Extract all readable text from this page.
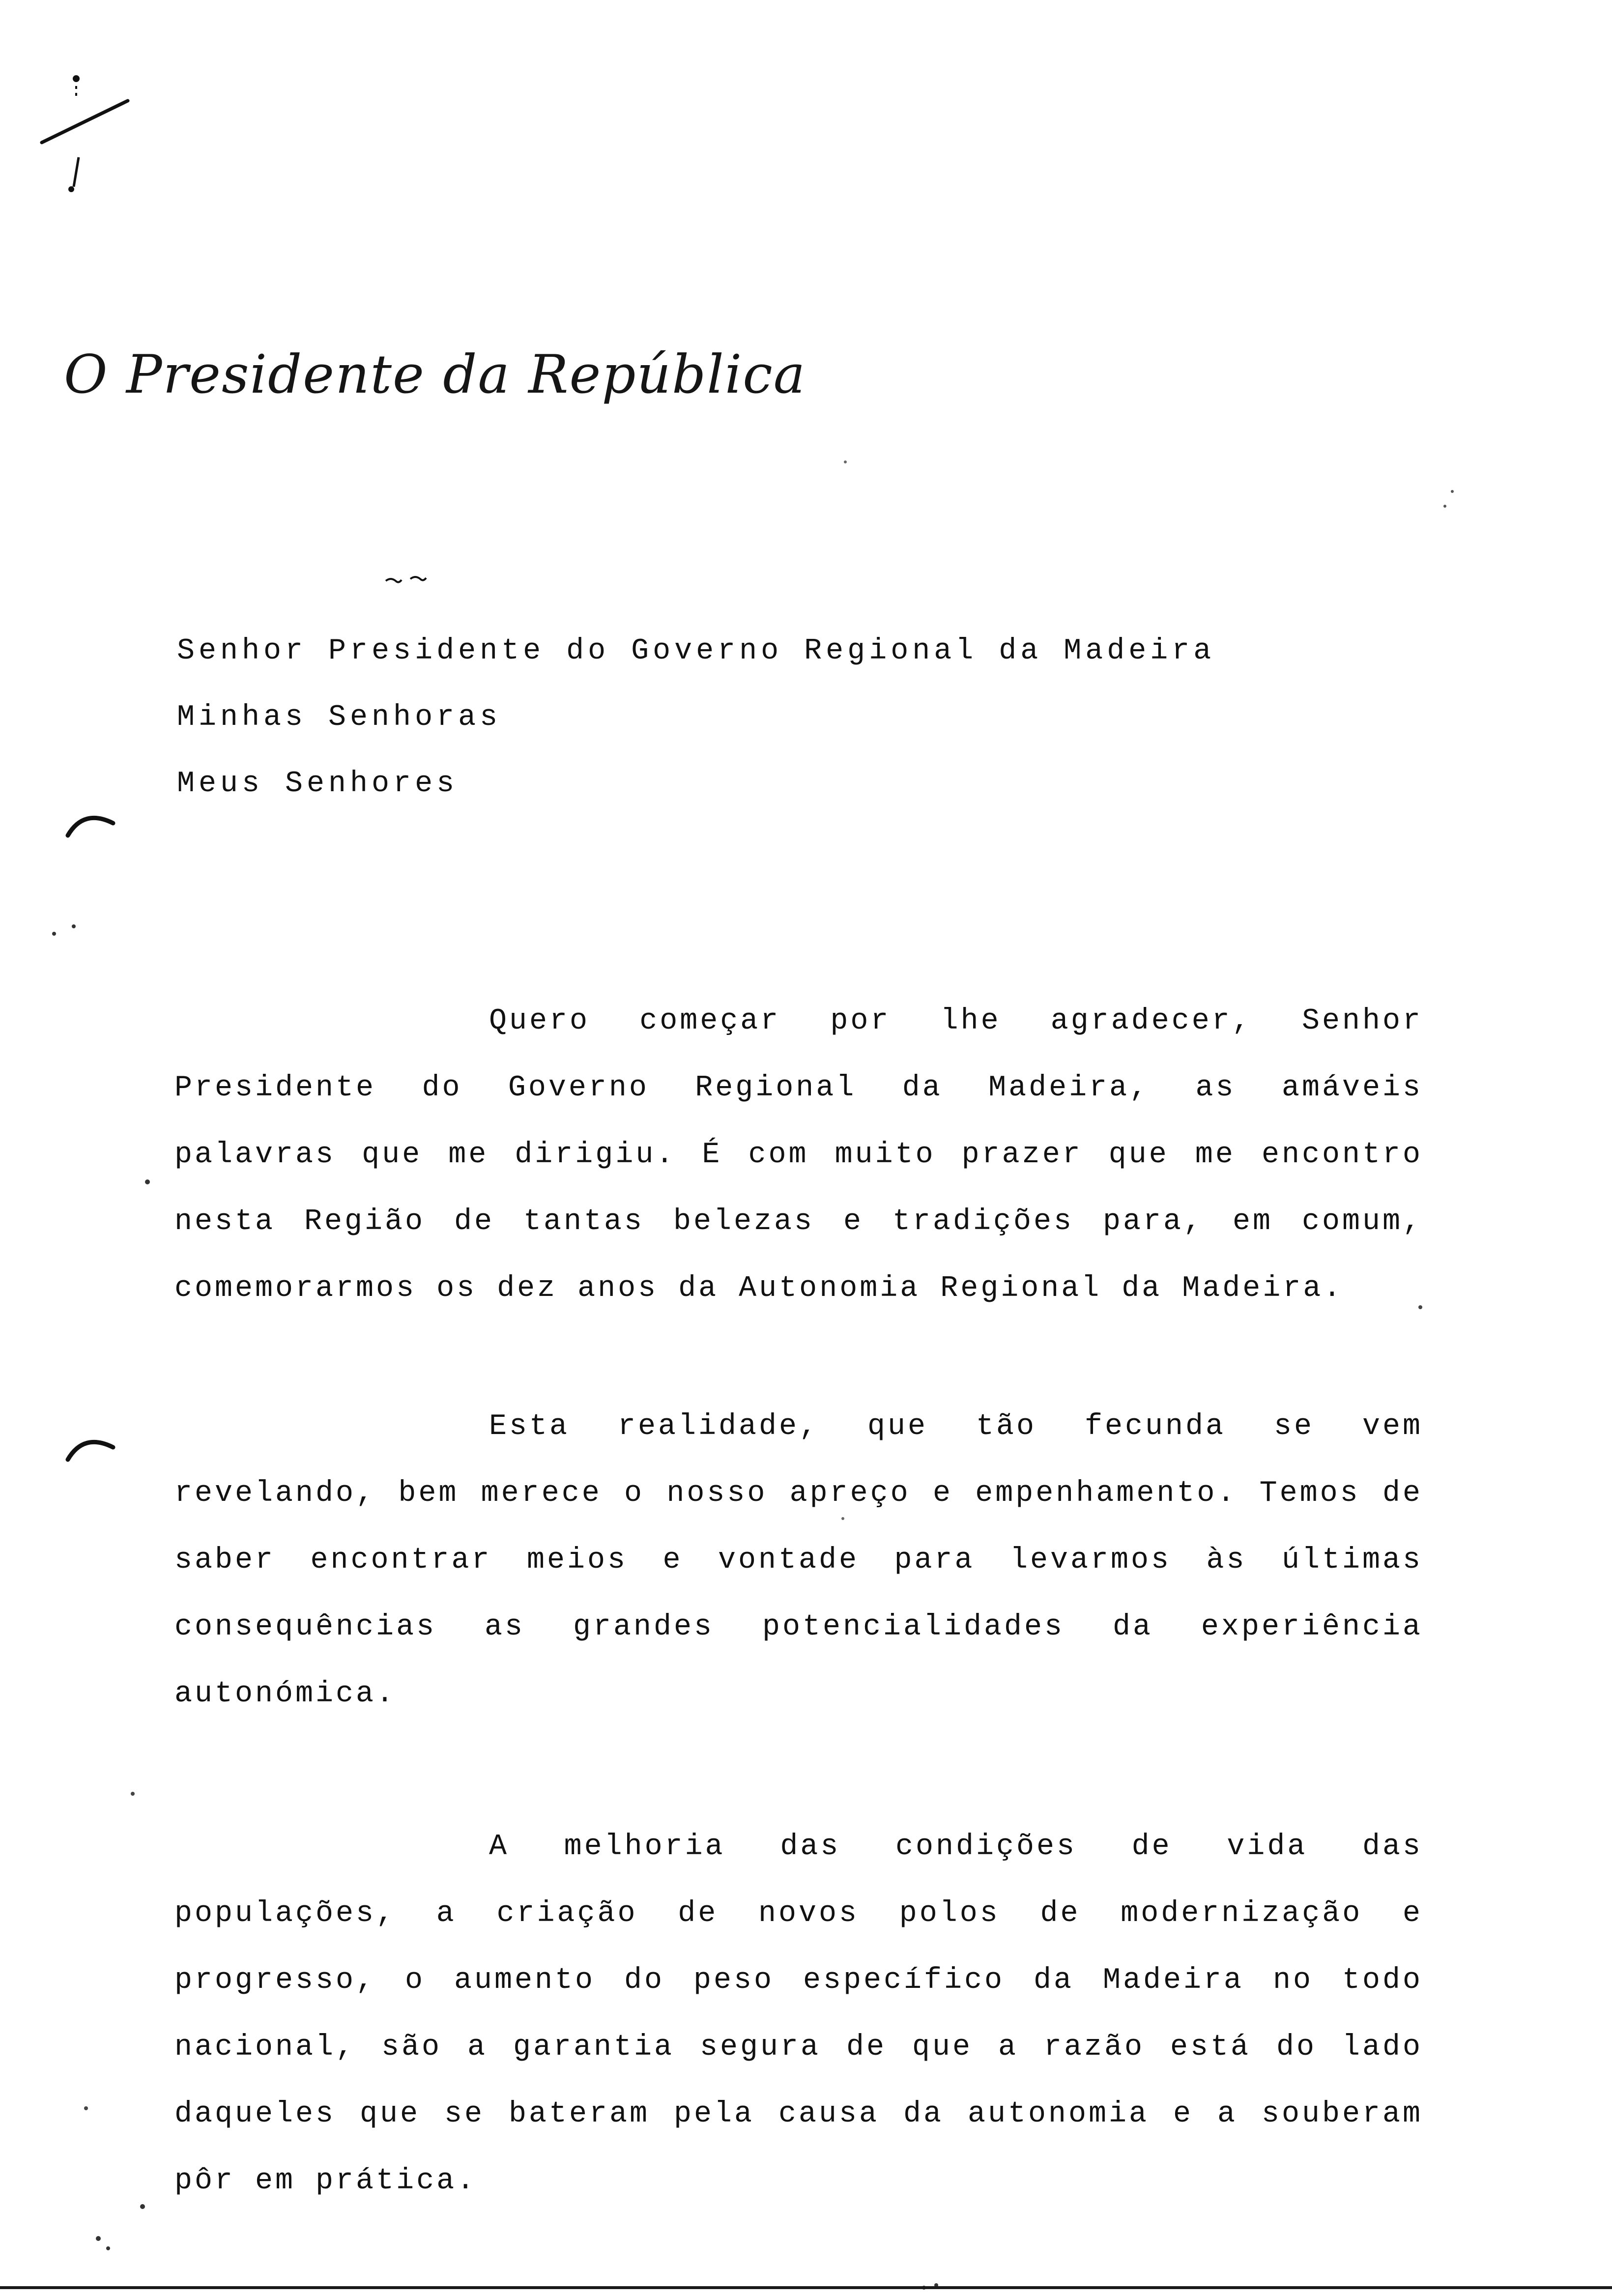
O Presidente da República
Senhor Presidente do Governo Regional da Madeira
Minhas Senhoras
Meus Senhores

Quero começar por lhe agradecer, Senhor Presidente do Governo Regional da Madeira, as amáveis palavras que me dirigiu. É com muito prazer que me encontro nesta Região de tantas belezas e tradições para, em comum, comemorarmos os dez anos da Autonomia Regional da Madeira.

Esta realidade, que tão fecunda se vem revelando, bem merece o nosso apreço e empenhamento. Temos de saber encontrar meios e vontade para levarmos às últimas consequências as grandes potencialidades da experiência autonómica.

A melhoria das condições de vida das populações, a criação de novos polos de modernização e progresso, o aumento do peso específico da Madeira no todo nacional, são a garantia segura de que a razão está do lado daqueles que se bateram pela causa da autonomia e a souberam pôr em prática.
